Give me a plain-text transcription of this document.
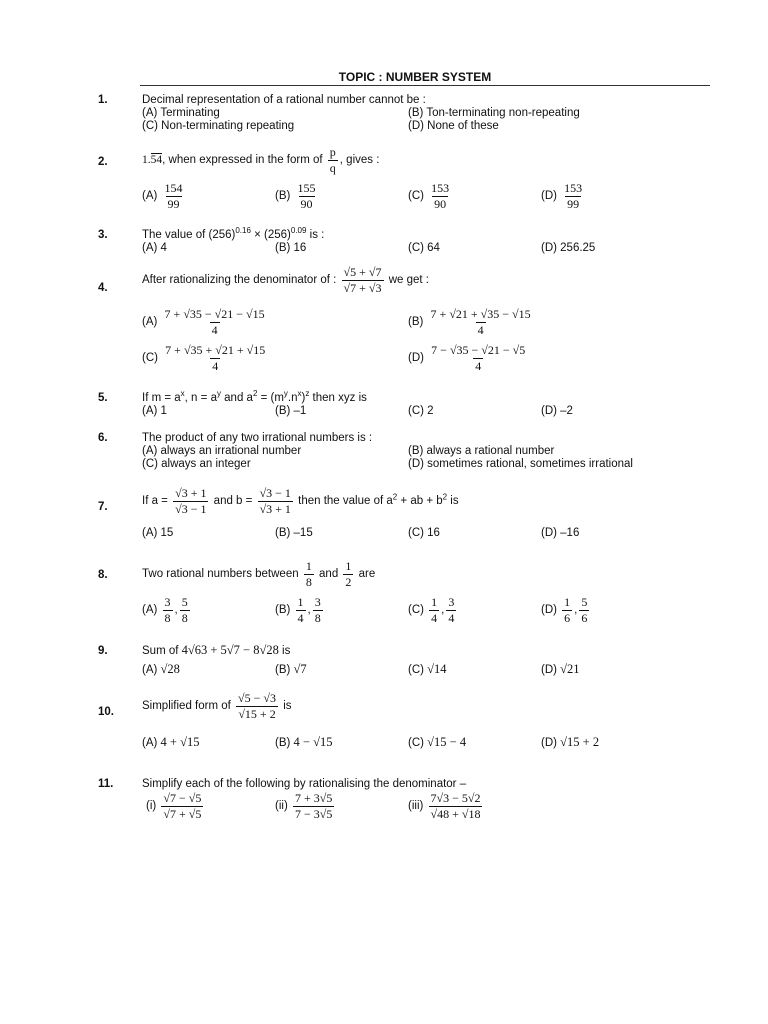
TOPIC : NUMBER SYSTEM
1.	Decimal representation of a rational number cannot be :
(A) Terminating	(B) Ton-terminating non-repeating
(C) Non-terminating repeating	(D) None of these
2.	1.54, when expressed in the form of $\frac{p}{q}$ , gives :
$(A) \frac{154}{99}$	$(B) \frac{155}{90}$	$(C) \frac{153}{90}$	$(D) \frac{153}{99}$
3.	The value of $(256)^{0.16} \times (256)^{0.09}$ is :
(A) 4	(B) 16	(C) 64	(D) 256.25
4.
After rationalizing the denominator of : $\frac{√5 + √7}{√7 + √3}$ we get :
$(A) \frac{7 + √35 - √21 - √15}{4}$	$(B) \frac{7 + √21 + √35 - √15}{4}$
$(C) \frac{7 + √35 + √21 + √15}{4}$	$(D) \frac{7 - √35 - √21 - √5}{4}$
5.	If $m = a^x$, $n = a^y$ and $a^2 = (m^y.n^x)^z$ then xyz is
(A) 1	(B) –1	(C) 2	(D) –2
6.	The product of any two irrational numbers is :
(A) always an irrational number	(B) always a rational number
(C) always an integer	(D) sometimes rational, sometimes irrational
7.	If $a = \frac{√3 + 1}{√3 - 1}$ and $b = \frac{√3 - 1}{√3 + 1}$ then the value of $a^2$ + ab + $b^2$ is
(A) 15	(B) –15	(C) 16	(D) –16
8.	Two rational numbers between $\frac{1}{8}$ and $\frac{1}{2}$ are
$(A) \frac{3}{8}$ , $\frac{5}{8}$	$(B) \frac{1}{4}$ , $\frac{3}{8}$	$(C) \frac{1}{4}$ , $\frac{3}{4}$	$(D) \frac{1}{6}$ , $\frac{5}{6}$
9.	Sum of 4√63 + 5√7 − 8√28 is
(A) √28	(B) √7	(C) √14	(D) √21
10. Simplified form of $\frac{√5 - √3}{√15 + 2}$ is
(A) 4 + √15	(B) 4 − √15	(C) √15 − 4	(D) √15 + 2
11. Simplify each of the following by rationalising the denominator –
$(i) \frac{√7 - √5}{√7 + √5}$	$(ii) \frac{7 + 3√5}{7 - 3√5}$	$(iii) \frac{7√3 - 5√2}{√48 + √18}$
